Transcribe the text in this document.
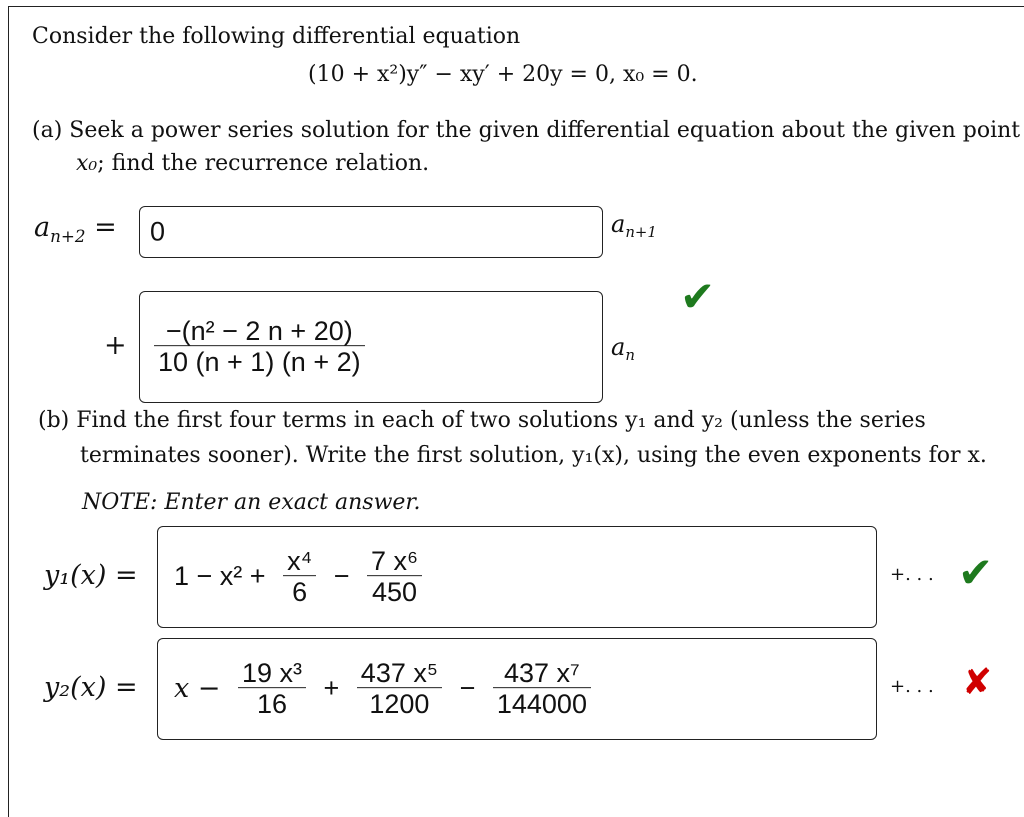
Consider the following differential equation
(10 + x²)y″ − xy′ + 20y = 0, x₀ = 0.
(a) Seek a power series solution for the given differential equation about the given point
x₀; find the recurrence relation.
$a_{n+2} = 0$	$a_{n+1}$
✔
+ $\frac{\text{−(n² − 2 n + 20)}}{10 (n + 1) (n + 2)}$	$a_n$
(b) Find the first four terms in each of two solutions y₁ and y₂ (unless the series
terminates sooner). Write the first solution, y₁(x), using the even exponents for x.
NOTE: Enter an exact answer.
$y_1(x) = 1 - x^2 + \frac{\text{x⁴}}{6} - \frac{\text{7 x⁶}}{450}$	+. . . ✔
$y_2(x) = x - \frac{\text{19 x³}}{16} + \frac{\text{437 x⁵}}{1200} - \frac{\text{437 x⁷}}{144000}$	+. . . ✘
